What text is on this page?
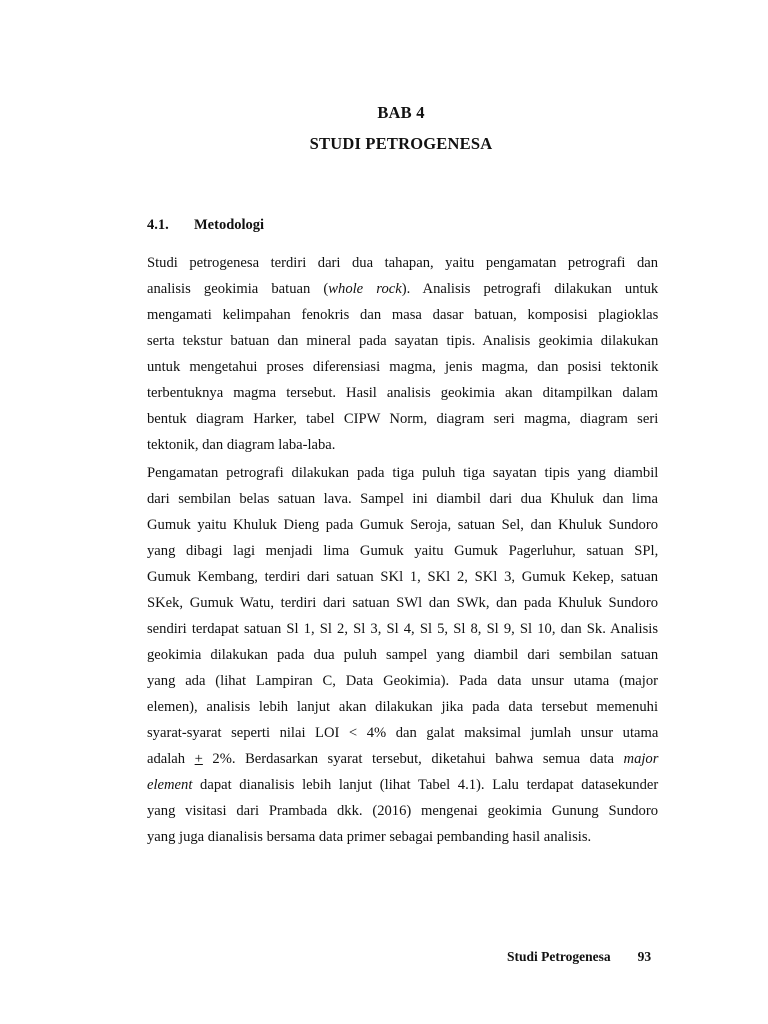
BAB 4
STUDI PETROGENESA
4.1. Metodologi
Studi petrogenesa terdiri dari dua tahapan, yaitu pengamatan petrografi dan
analisis geokimia batuan (whole rock). Analisis petrografi dilakukan untuk
mengamati kelimpahan fenokris dan masa dasar batuan, komposisi plagioklas
serta tekstur batuan dan mineral pada sayatan tipis. Analisis geokimia dilakukan
untuk mengetahui proses diferensiasi magma, jenis magma, dan posisi tektonik
terbentuknya magma tersebut. Hasil analisis geokimia akan ditampilkan dalam
bentuk diagram Harker, tabel CIPW Norm, diagram seri magma, diagram seri
tektonik, dan diagram laba-laba.
Pengamatan petrografi dilakukan pada tiga puluh tiga sayatan tipis yang diambil
dari sembilan belas satuan lava. Sampel ini diambil dari dua Khuluk dan lima
Gumuk yaitu Khuluk Dieng pada Gumuk Seroja, satuan Sel, dan Khuluk Sundoro
yang dibagi lagi menjadi lima Gumuk yaitu Gumuk Pagerluhur, satuan SPl,
Gumuk Kembang, terdiri dari satuan SKl 1, SKl 2, SKl 3, Gumuk Kekep, satuan
SKek, Gumuk Watu, terdiri dari satuan SWl dan SWk, dan pada Khuluk Sundoro
sendiri terdapat satuan Sl 1, Sl 2, Sl 3, Sl 4, Sl 5, Sl 8, Sl 9, Sl 10, dan Sk. Analisis
geokimia dilakukan pada dua puluh sampel yang diambil dari sembilan satuan
yang ada (lihat Lampiran C, Data Geokimia). Pada data unsur utama (major
elemen), analisis lebih lanjut akan dilakukan jika pada data tersebut memenuhi
syarat-syarat seperti nilai LOI < 4% dan galat maksimal jumlah unsur utama
adalah + 2%. Berdasarkan syarat tersebut, diketahui bahwa semua data major
element dapat dianalisis lebih lanjut (lihat Tabel 4.1). Lalu terdapat datasekunder
yang visitasi dari Prambada dkk. (2016) mengenai geokimia Gunung Sundoro
yang juga dianalisis bersama data primer sebagai pembanding hasil analisis.
Studi Petrogenesa 93
